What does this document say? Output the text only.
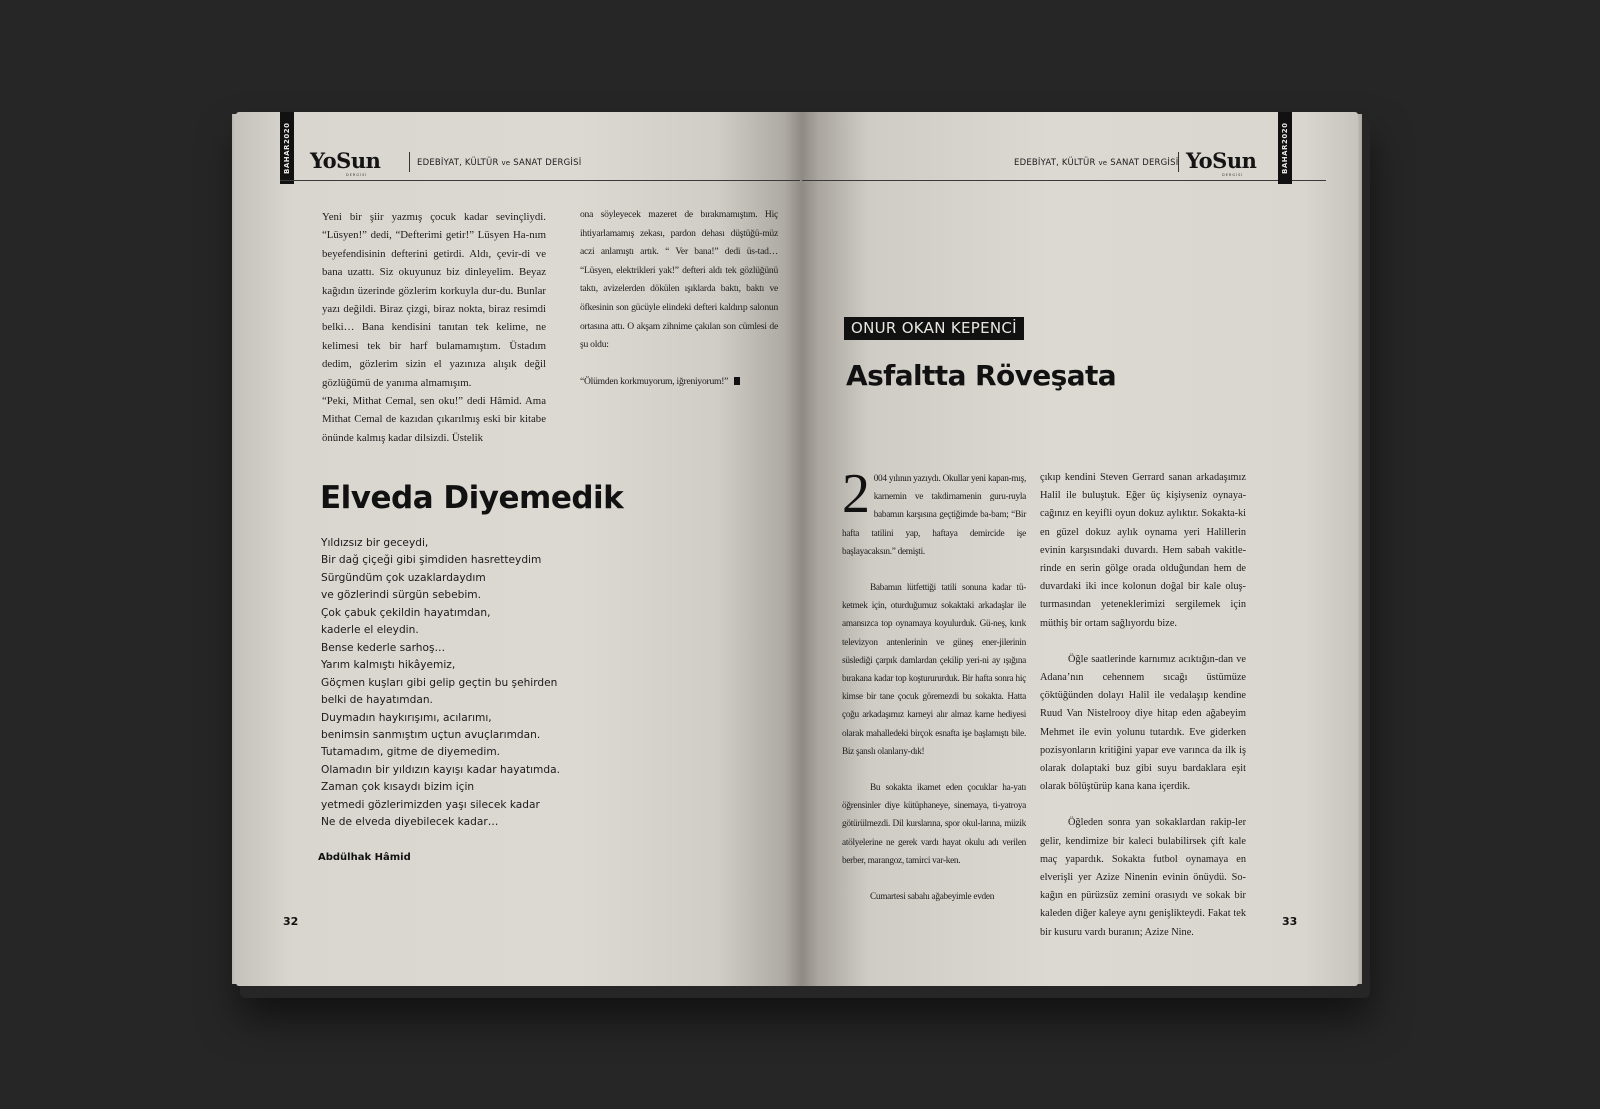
BAHAR
2020
YoSun
DERGİSİ
EDEBİYAT, KÜLTÜR ve SANAT DERGİSİ

Yeni bir şiir yazmış çocuk kadar sevinçliydi. “Lüsyen!” dedi, “Defterimi getir!” Lüsyen Ha-nım beyefendisinin defterini getirdi. Aldı, çevir-di ve bana uzattı. Siz okuyunuz biz dinleyelim. Beyaz kağıdın üzerinde gözlerim korkuyla dur-du. Bunlar yazı değildi. Biraz çizgi, biraz nokta, biraz resimdi belki… Bana kendisini tanıtan tek kelime, ne kelimesi tek bir harf bulamamıştım. Üstadım dedim, gözlerim sizin el yazınıza alışık değil gözlüğümü de yanıma almamışım.

“Peki, Mithat Cemal, sen oku!” dedi Hâmid. Ama Mithat Cemal de kazıdan çıkarılmış eski bir kitabe önünde kalmış kadar dilsizdi. Üstelik

ona söyleyecek mazeret de bırakmamıştım. Hiç ihtiyarlamamış zekası, pardon dehası düştüğü-müz aczi anlamıştı artık. “ Ver bana!” dedi üs-tad… “Lüsyen, elektrikleri yak!” defteri aldı tek gözlüğünü taktı, avizelerden dökülen ışıklarda baktı, baktı ve öfkesinin son gücüyle elindeki defteri kaldırıp salonun ortasına attı. O akşam zihnime çakılan son cümlesi de şu oldu:

“Ölümden korkmuyorum, iğreniyorum!”

Elveda Diyemedik
Yıldızsız bir geceydi,
Bir dağ çiçeği gibi şimdiden hasretteydim
Sürgündüm çok uzaklardaydım
ve gözlerindi sürgün sebebim.
Çok çabuk çekildin hayatımdan,
kaderle el eleydin.
Bense kederle sarhoş…
Yarım kalmıştı hikâyemiz,
Göçmen kuşları gibi gelip geçtin bu şehirden
belki de hayatımdan.
Duymadın haykırışımı, acılarımı,
benimsin sanmıştım uçtun avuçlarımdan.
Tutamadım, gitme de diyemedim.
Olamadın bir yıldızın kayışı kadar hayatımda.
Zaman çok kısaydı bizim için
yetmedi gözlerimizden yaşı silecek kadar
Ne de elveda diyebilecek kadar…
Abdülhak Hâmid
32
EDEBİYAT, KÜLTÜR ve SANAT DERGİSİ YoSun
DERGİSİ
BAHAR
2020
ONUR OKAN KEPENCİ
Asfaltta Röveşata

2 004 yılının yazıydı. Okullar yeni kapan-mış, karnemin ve takdirnamenin guru-ruyla babamın karşısına geçtiğimde ba-bam; “Bir hafta tatilini yap, haftaya demircide işe başlayacaksın.” demişti.

Babamın lütfettiği tatili sonuna kadar tü-ketmek için, oturduğumuz sokaktaki arkadaşlar ile amansızca top oynamaya koyulurduk. Gü-neş, kırık televizyon antenlerinin ve güneş ener-jilerinin süslediği çarpık damlardan çekilip yeri-ni ay ışığına bırakana kadar top koşturururduk. Bir hafta sonra hiç kimse bir tane çocuk göremezdi bu sokakta. Hatta çoğu arkadaşımız karneyi alır almaz karne hediyesi olarak mahalledeki birçok esnafta işe başlamıştı bile. Biz şanslı olanlarıy-dık!

Bu sokakta ikamet eden çocuklar ha-yatı öğrensinler diye kütüphaneye, sinemaya, ti-yatroya götürülmezdi. Dil kurslarına, spor okul-larına, müzik atölyelerine ne gerek vardı hayat okulu adı verilen berber, marangoz, tamirci var-ken.

Cumartesi sabahı ağabeyimle evden

çıkıp kendini Steven Gerrard sanan arkadaşımız Halil ile buluştuk. Eğer üç kişiyseniz oynaya-cağınız en keyifli oyun dokuz aylıktır. Sokakta-ki en güzel dokuz aylık oynama yeri Halillerin evinin karşısındaki duvardı. Hem sabah vakitle-rinde en serin gölge orada olduğundan hem de duvardaki iki ince kolonun doğal bir kale oluş-turmasından yeteneklerimizi sergilemek için müthiş bir ortam sağlıyordu bize.

Öğle saatlerinde karnımız acıktığın-dan ve Adana’nın cehennem sıcağı üstümüze çöktüğünden dolayı Halil ile vedalaşıp kendine Ruud Van Nistelrooy diye hitap eden ağabeyim Mehmet ile evin yolunu tutardık. Eve giderken pozisyonların kritiğini yapar eve varınca da ilk iş olarak dolaptaki buz gibi suyu bardaklara eşit olarak bölüştürüp kana kana içerdik.

Öğleden sonra yan sokaklardan rakip-ler gelir, kendimize bir kaleci bulabilirsek çift kale maç yapardık. Sokakta futbol oynamaya en elverişli yer Azize Ninenin evinin önüydü. So-kağın en pürüzsüz zemini orasıydı ve sokak bir kaleden diğer kaleye aynı genişlikteydi. Fakat tek bir kusuru vardı buranın; Azize Nine.

33
